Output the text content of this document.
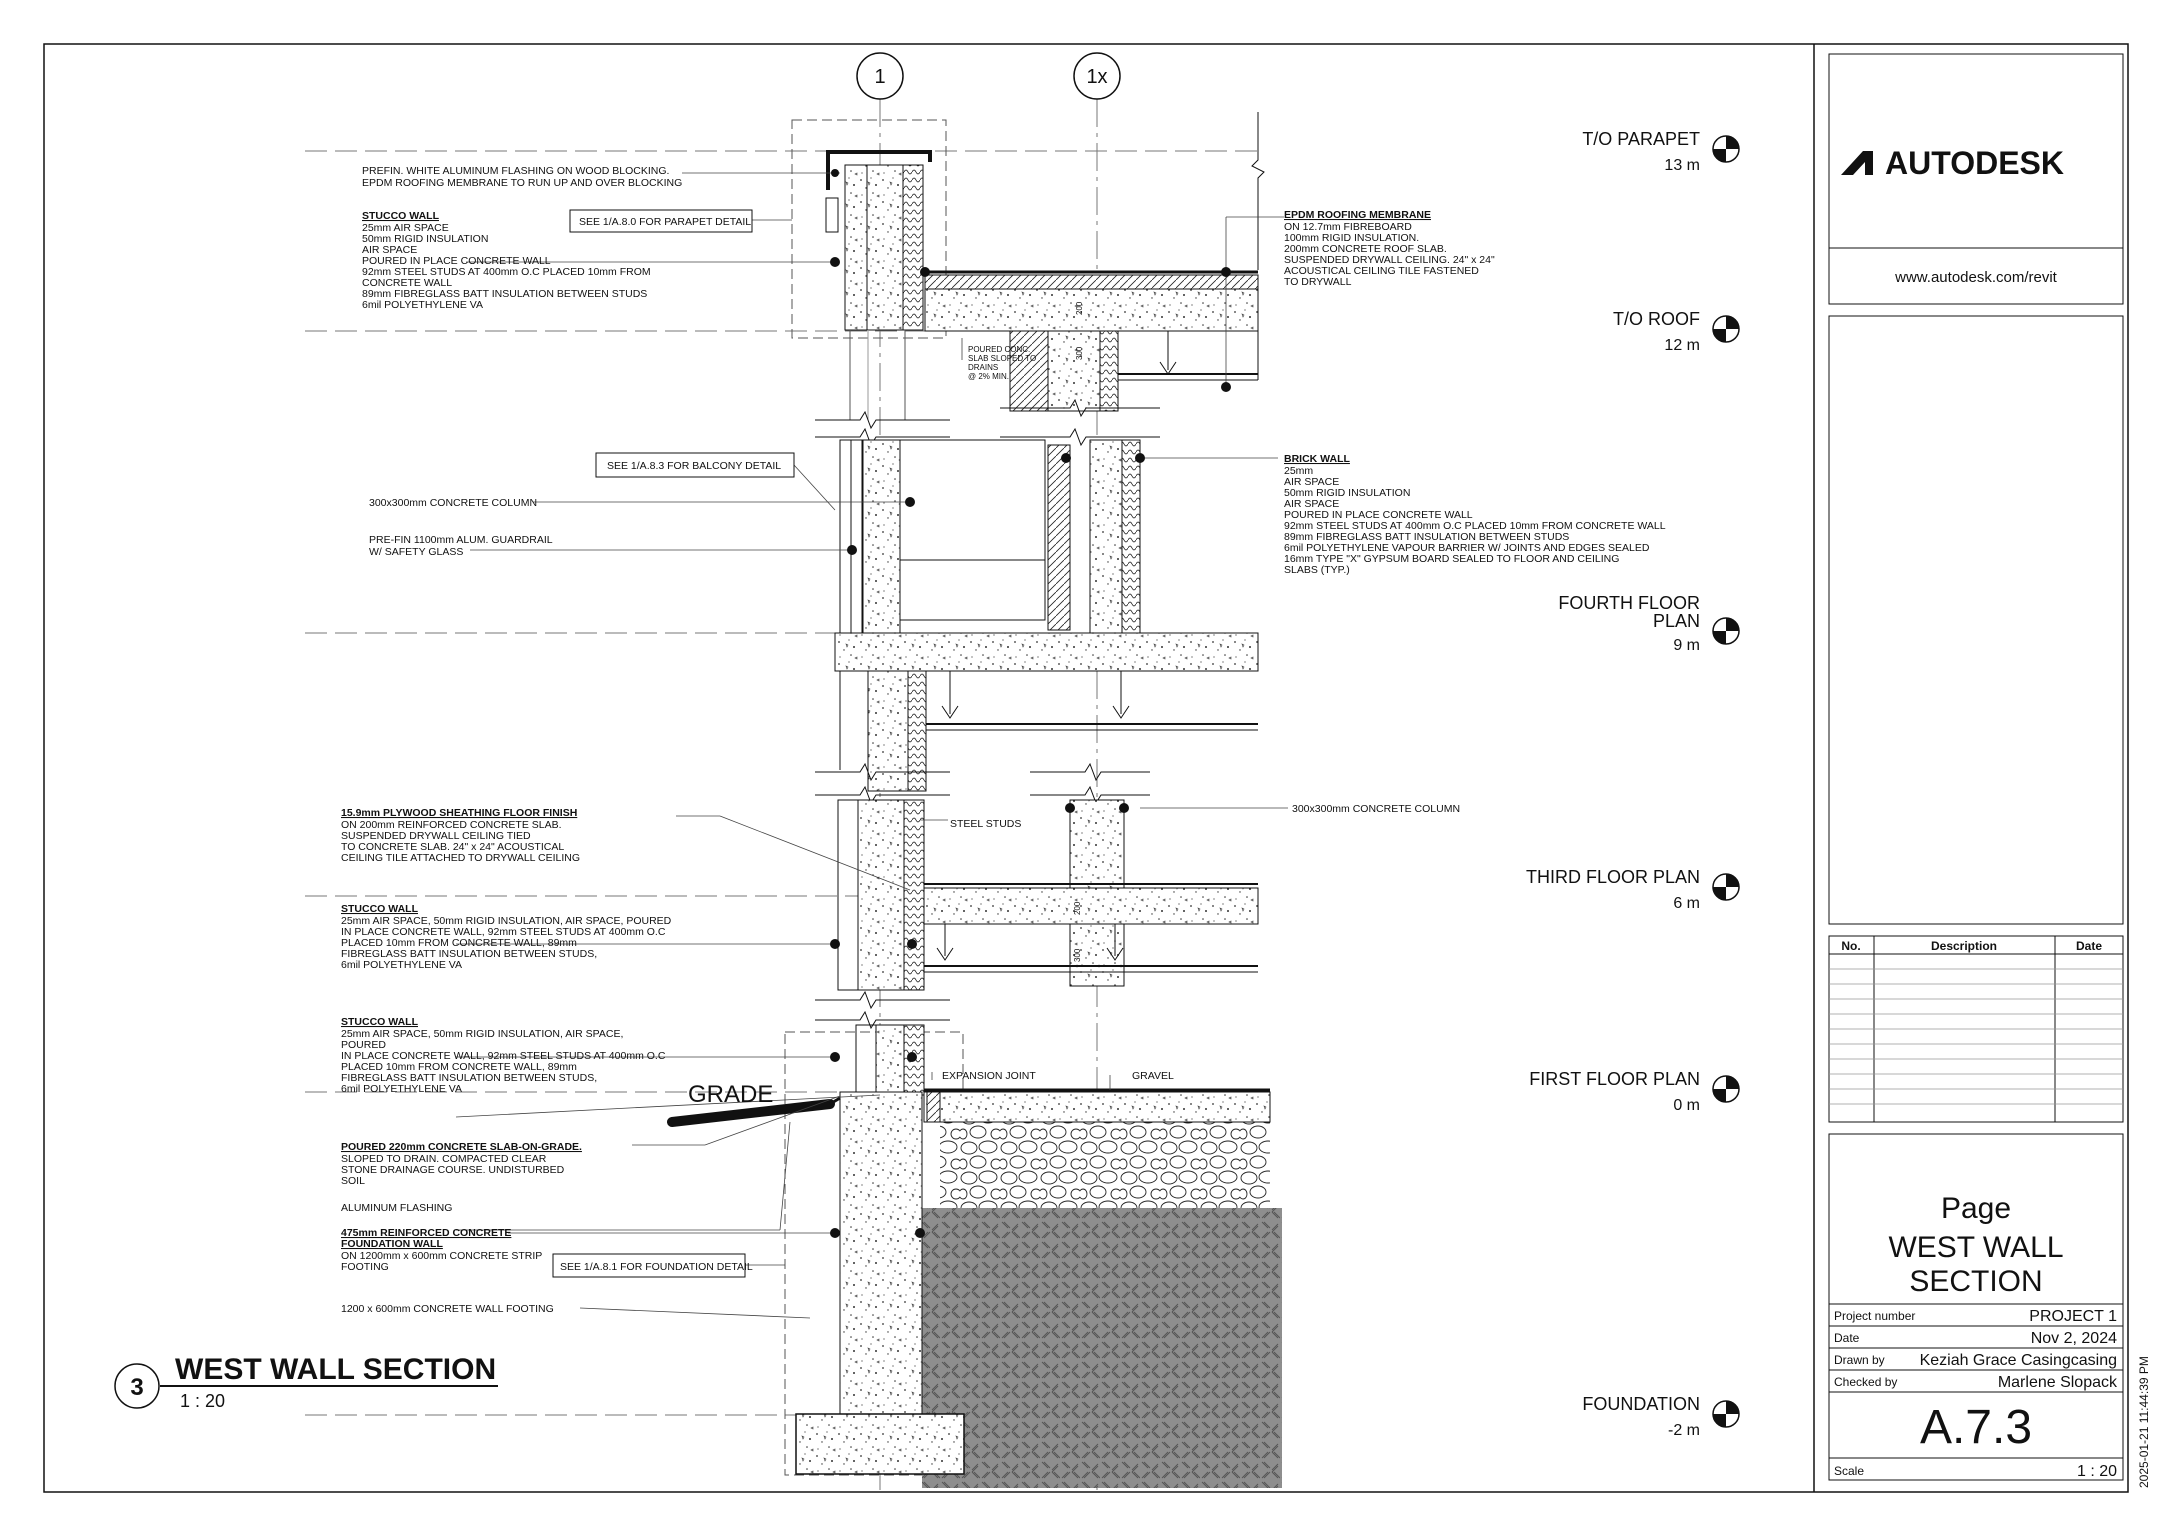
1	1x
200
300
200
300
SEE 1/A.8.0 FOR PARAPET DETAIL
SEE 1/A.8.3 FOR BALCONY DETAIL
SEE 1/A.8.1 FOR FOUNDATION DETAIL
PREFIN. WHITE ALUMINUM FLASHING ON WOOD BLOCKING.
EPDM ROOFING MEMBRANE TO RUN UP AND OVER BLOCKING
STUCCO WALL
25mm AIR SPACE
50mm RIGID INSULATION
AIR SPACE
POURED IN PLACE CONCRETE WALL
92mm STEEL STUDS AT 400mm O.C PLACED 10mm FROM
CONCRETE WALL
89mm FIBREGLASS BATT INSULATION BETWEEN STUDS
6mil POLYETHYLENE VA
EPDM ROOFING MEMBRANE
ON 12.7mm FIBREBOARD
100mm RIGID INSULATION.
200mm CONCRETE ROOF SLAB.
SUSPENDED DRYWALL CEILING. 24" x 24"
ACOUSTICAL CEILING TILE FASTENED
TO DRYWALL
POURED CONC.
SLAB SLOPED TO
DRAINS
@ 2% MIN.
300x300mm CONCRETE COLUMN
PRE-FIN 1100mm ALUM. GUARDRAIL
W/ SAFETY GLASS
BRICK WALL
25mm
AIR SPACE
50mm RIGID INSULATION
AIR SPACE
POURED IN PLACE CONCRETE WALL
92mm STEEL STUDS AT 400mm O.C PLACED 10mm FROM CONCRETE WALL
89mm FIBREGLASS BATT INSULATION BETWEEN STUDS
6mil POLYETHYLENE VAPOUR BARRIER W/ JOINTS AND EDGES SEALED
16mm TYPE "X" GYPSUM BOARD SEALED TO FLOOR AND CEILING
SLABS (TYP.)
15.9mm PLYWOOD SHEATHING FLOOR FINISH
ON 200mm REINFORCED CONCRETE SLAB.
SUSPENDED DRYWALL CEILING TIED
TO CONCRETE SLAB. 24" x 24" ACOUSTICAL
CEILING TILE ATTACHED TO DRYWALL CEILING
STEEL STUDS
300x300mm CONCRETE COLUMN
STUCCO WALL
25mm AIR SPACE, 50mm RIGID INSULATION, AIR SPACE, POURED
IN PLACE CONCRETE WALL, 92mm STEEL STUDS AT 400mm O.C
PLACED 10mm FROM CONCRETE WALL, 89mm
FIBREGLASS BATT INSULATION BETWEEN STUDS,
6mil POLYETHYLENE VA
STUCCO WALL
25mm AIR SPACE, 50mm RIGID INSULATION, AIR SPACE,
POURED
IN PLACE CONCRETE WALL, 92mm STEEL STUDS AT 400mm O.C
PLACED 10mm FROM CONCRETE WALL, 89mm
FIBREGLASS BATT INSULATION BETWEEN STUDS,
6mil POLYETHYLENE VA
EXPANSION JOINT	GRAVEL
GRADE
POURED 220mm CONCRETE SLAB-ON-GRADE.
SLOPED TO DRAIN. COMPACTED CLEAR
STONE DRAINAGE COURSE. UNDISTURBED
SOIL
ALUMINUM FLASHING
475mm REINFORCED CONCRETE
FOUNDATION WALL
ON 1200mm x 600mm CONCRETE STRIP
FOOTING
1200 x 600mm CONCRETE WALL FOOTING
T/O PARAPET
13 m
T/O ROOF
12 m
FOURTH FLOOR
PLAN
9 m
THIRD FLOOR PLAN
6 m
FIRST FLOOR PLAN
0 m
FOUNDATION
-2 m
3
WEST WALL SECTION
1 : 20
AUTODESK
www.autodesk.com/revit
No.	Description	Date
Page
WEST WALL
SECTION
Project number	PROJECT 1
Date	Nov 2, 2024
Drawn by Keziah Grace Casingcasing
Checked by	Marlene Slopack
A.7.3
Scale	1 : 20 2025-01-21 11:44:39 PM
